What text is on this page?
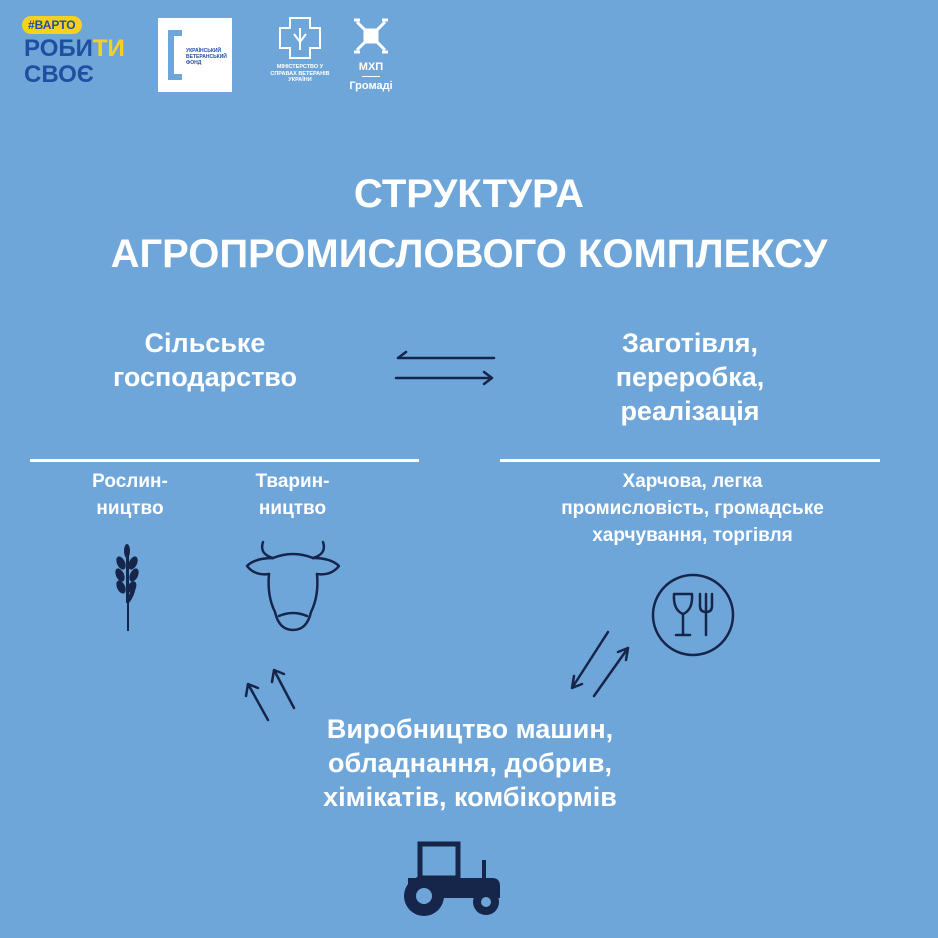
#ВАРТО
РОБИТИ
СВОЄ
УКРАЇНСЬКИЙ ВЕТЕРАНСЬКИЙ ФОНД
МІНІСТЕРСТВО У СПРАВАХ ВЕТЕРАНІВ УКРАЇНИ
МХП
Громаді
СТРУКТУРА
АГРОПРОМИСЛОВОГО КОМПЛЕКСУ
Сільське
господарство
Заготівля,
переробка,
реалізація
Рослин-
ництво
Тварин-
ництво
Харчова, легка
промисловість, громадське
харчування, торгівля
Виробництво машин,
обладнання, добрив,
хімікатів, комбікормів
